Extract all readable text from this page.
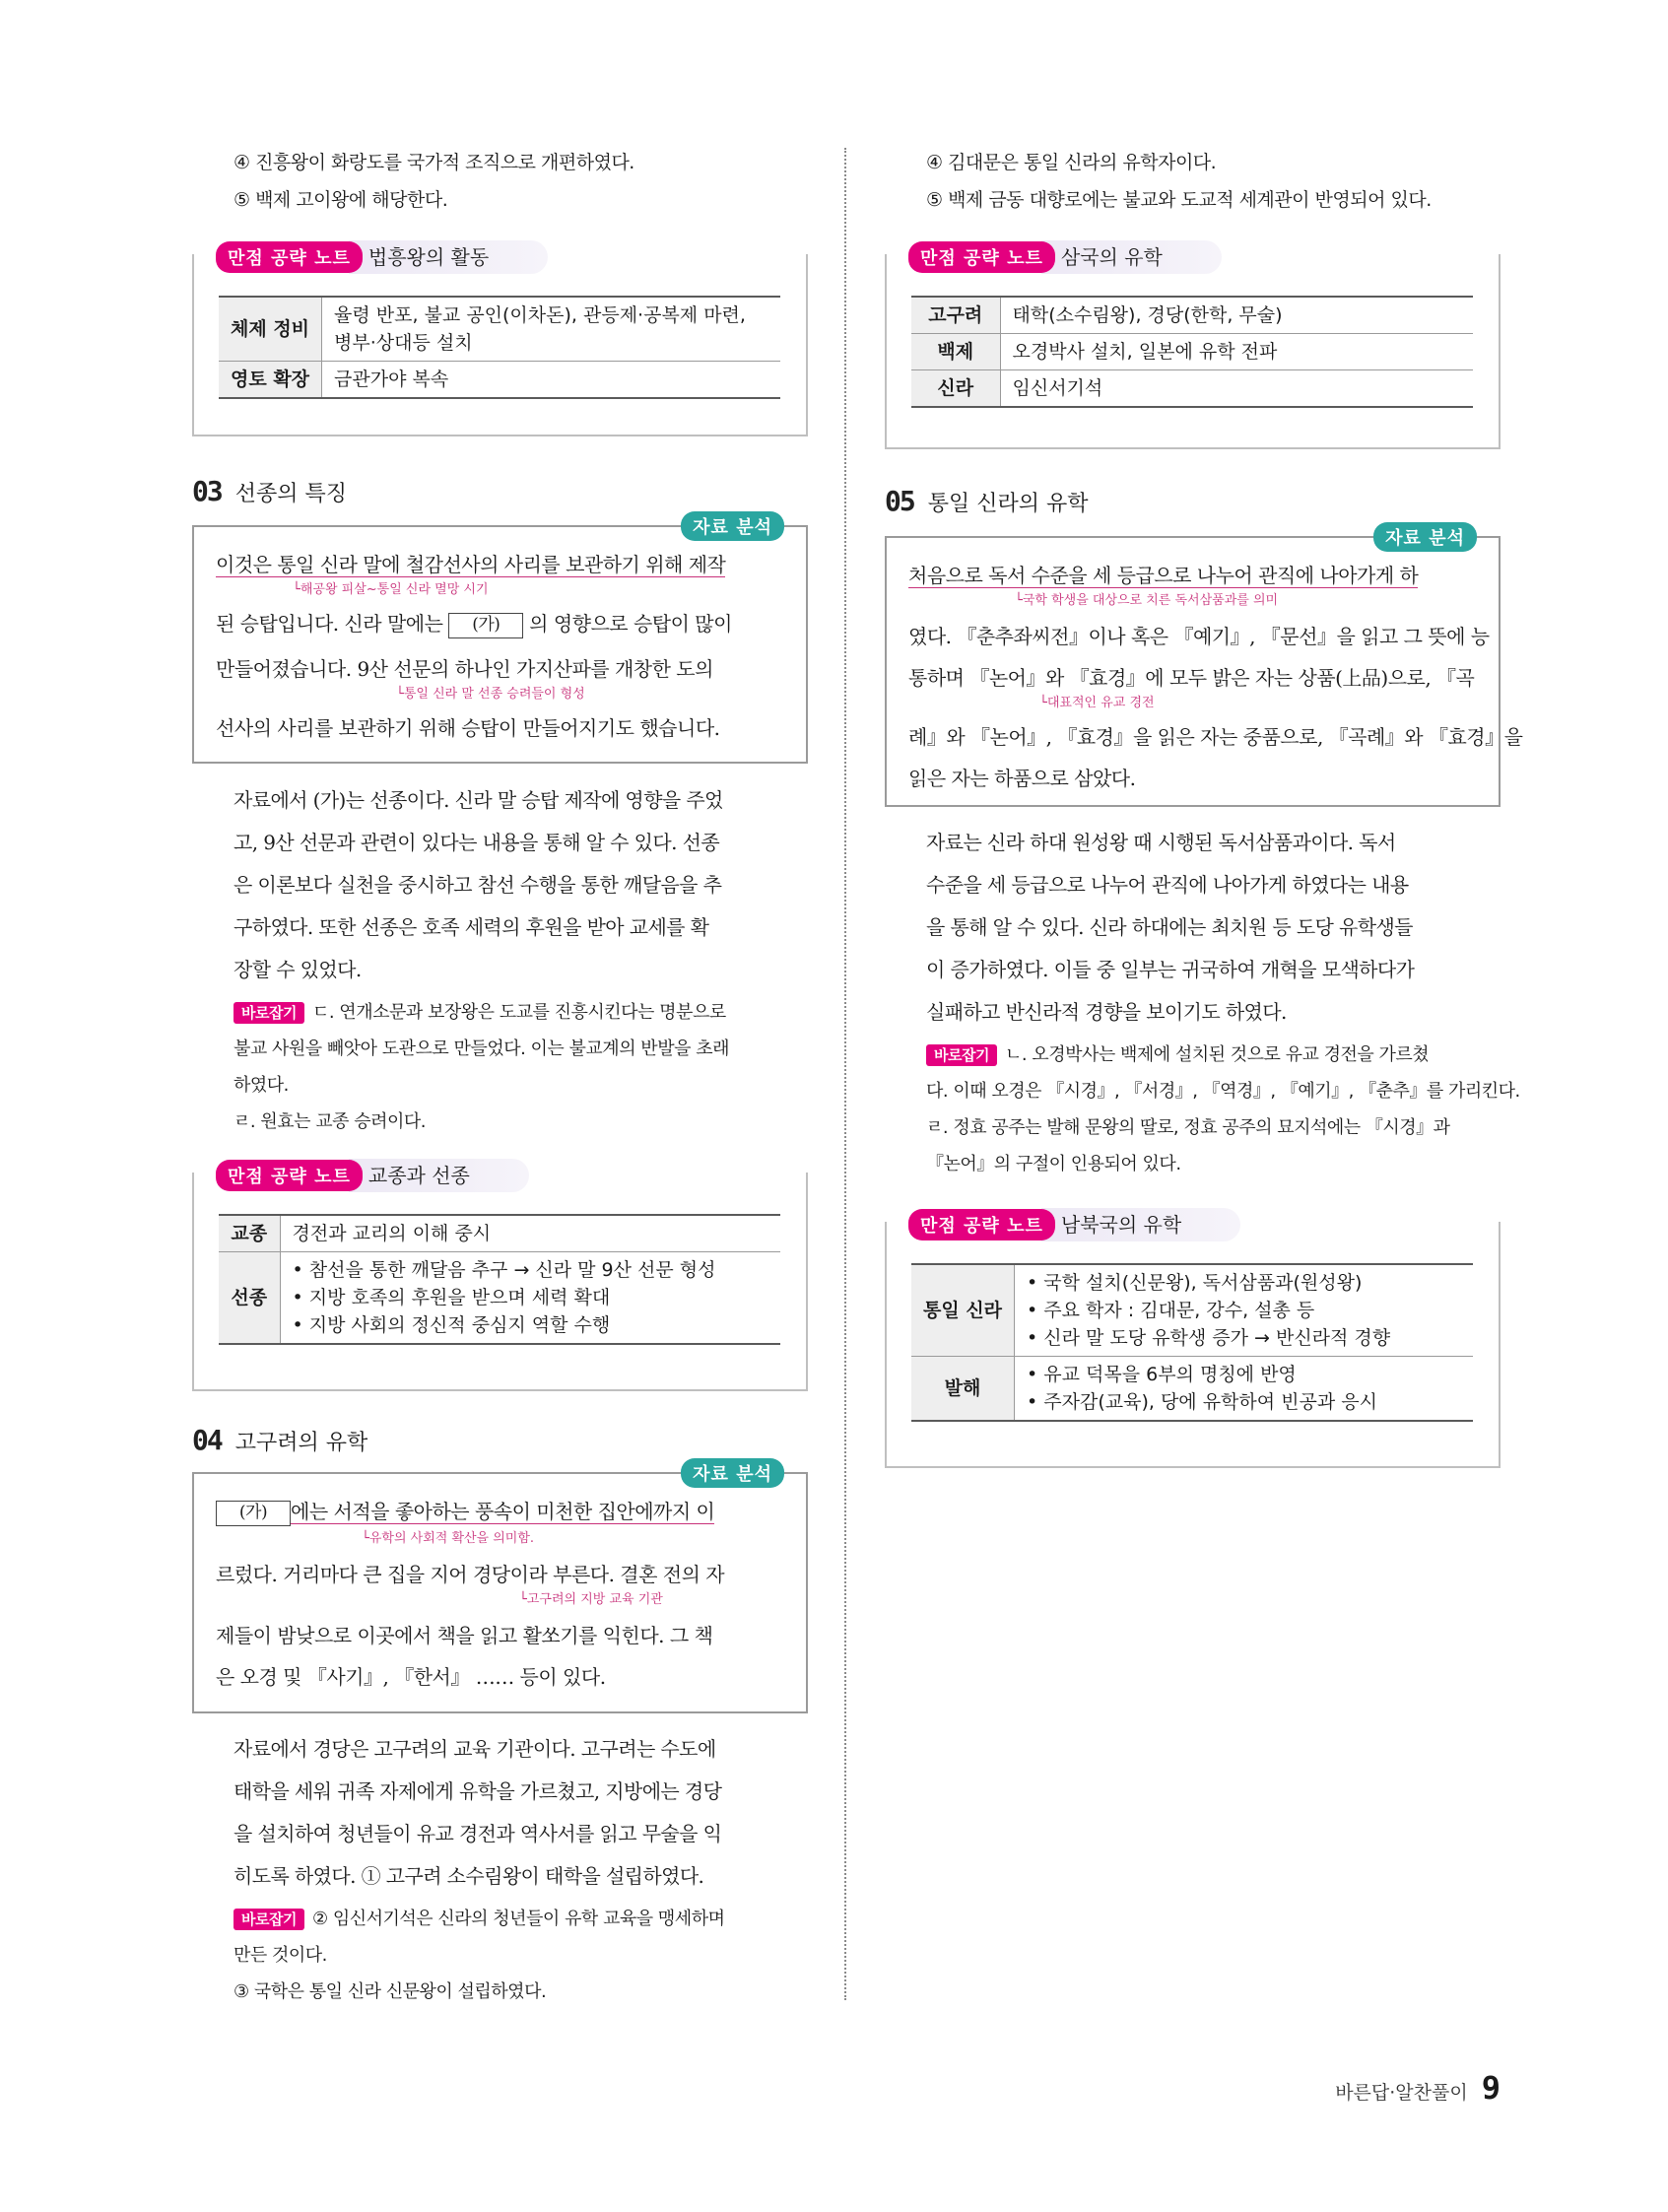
④ 진흥왕이 화랑도를 국가적 조직으로 개편하였다.
⑤ 백제 고이왕에 해당한다.
만점 공략 노트 법흥왕의 활동
체제 정비	율령 반포, 불교 공인(이차돈), 관등제·공복제 마련,
병부·상대등 설치

영토 확장	금관가야 복속
03 선종의 특징
자료 분석
이것은 통일 신라 말에 철감선사의 사리를 보관하기 위해 제작
└해공왕 피살~통일 신라 멸망 시기
된 승탑입니다. 신라 말에는 (가) 의 영향으로 승탑이 많이
만들어졌습니다. 9산 선문의 하나인 가지산파를 개창한 도의
└통일 신라 말 선종 승려들이 형성
선사의 사리를 보관하기 위해 승탑이 만들어지기도 했습니다.
자료에서 (가)는 선종이다. 신라 말 승탑 제작에 영향을 주었
고, 9산 선문과 관련이 있다는 내용을 통해 알 수 있다. 선종
은 이론보다 실천을 중시하고 참선 수행을 통한 깨달음을 추
구하였다. 또한 선종은 호족 세력의 후원을 받아 교세를 확
장할 수 있었다.
바로잡기 ㄷ. 연개소문과 보장왕은 도교를 진흥시킨다는 명분으로
불교 사원을 빼앗아 도관으로 만들었다. 이는 불교계의 반발을 초래
하였다.
ㄹ. 원효는 교종 승려이다.
만점 공략 노트 교종과 선종
교종	경전과 교리의 이해 중시
선종	• 참선을 통한 깨달음 추구 → 신라 말 9산 선문 형성
• 지방 호족의 후원을 받으며 세력 확대
• 지방 사회의 정신적 중심지 역할 수행
04 고구려의 유학
자료 분석
(가) 에는 서적을 좋아하는 풍속이 미천한 집안에까지 이
└유학의 사회적 확산을 의미함.
르렀다. 거리마다 큰 집을 지어 경당이라 부른다. 결혼 전의 자
└고구려의 지방 교육 기관
제들이 밤낮으로 이곳에서 책을 읽고 활쏘기를 익힌다. 그 책
은 오경 및 『사기』, 『한서』 …… 등이 있다.
자료에서 경당은 고구려의 교육 기관이다. 고구려는 수도에
태학을 세워 귀족 자제에게 유학을 가르쳤고, 지방에는 경당
을 설치하여 청년들이 유교 경전과 역사서를 읽고 무술을 익
히도록 하였다. ① 고구려 소수림왕이 태학을 설립하였다.
바로잡기 ② 임신서기석은 신라의 청년들이 유학 교육을 맹세하며
만든 것이다.
③ 국학은 통일 신라 신문왕이 설립하였다.
④ 김대문은 통일 신라의 유학자이다.
⑤ 백제 금동 대향로에는 불교와 도교적 세계관이 반영되어 있다.
만점 공략 노트 삼국의 유학
고구려	태학(소수림왕), 경당(한학, 무술)
백제	오경박사 설치, 일본에 유학 전파
신라	임신서기석
05 통일 신라의 유학
자료 분석
처음으로 독서 수준을 세 등급으로 나누어 관직에 나아가게 하
└국학 학생을 대상으로 치른 독서삼품과를 의미
였다. 『춘추좌씨전』이나 혹은 『예기』, 『문선』을 읽고 그 뜻에 능
통하며 『논어』와 『효경』에 모두 밝은 자는 상품(上品)으로, 『곡
└대표적인 유교 경전
례』와 『논어』, 『효경』을 읽은 자는 중품으로, 『곡례』와 『효경』을
읽은 자는 하품으로 삼았다.
자료는 신라 하대 원성왕 때 시행된 독서삼품과이다. 독서
수준을 세 등급으로 나누어 관직에 나아가게 하였다는 내용
을 통해 알 수 있다. 신라 하대에는 최치원 등 도당 유학생들
이 증가하였다. 이들 중 일부는 귀국하여 개혁을 모색하다가
실패하고 반신라적 경향을 보이기도 하였다.
바로잡기 ㄴ. 오경박사는 백제에 설치된 것으로 유교 경전을 가르쳤
다. 이때 오경은 『시경』, 『서경』, 『역경』, 『예기』, 『춘추』를 가리킨다.
ㄹ. 정효 공주는 발해 문왕의 딸로, 정효 공주의 묘지석에는 『시경』과
『논어』의 구절이 인용되어 있다.
만점 공략 노트 남북국의 유학
통일 신라	• 국학 설치(신문왕), 독서삼품과(원성왕)
• 주요 학자 : 김대문, 강수, 설총 등
• 신라 말 도당 유학생 증가 → 반신라적 경향

발해	• 유교 덕목을 6부의 명칭에 반영
• 주자감(교육), 당에 유학하여 빈공과 응시
바른답·알찬풀이 9
